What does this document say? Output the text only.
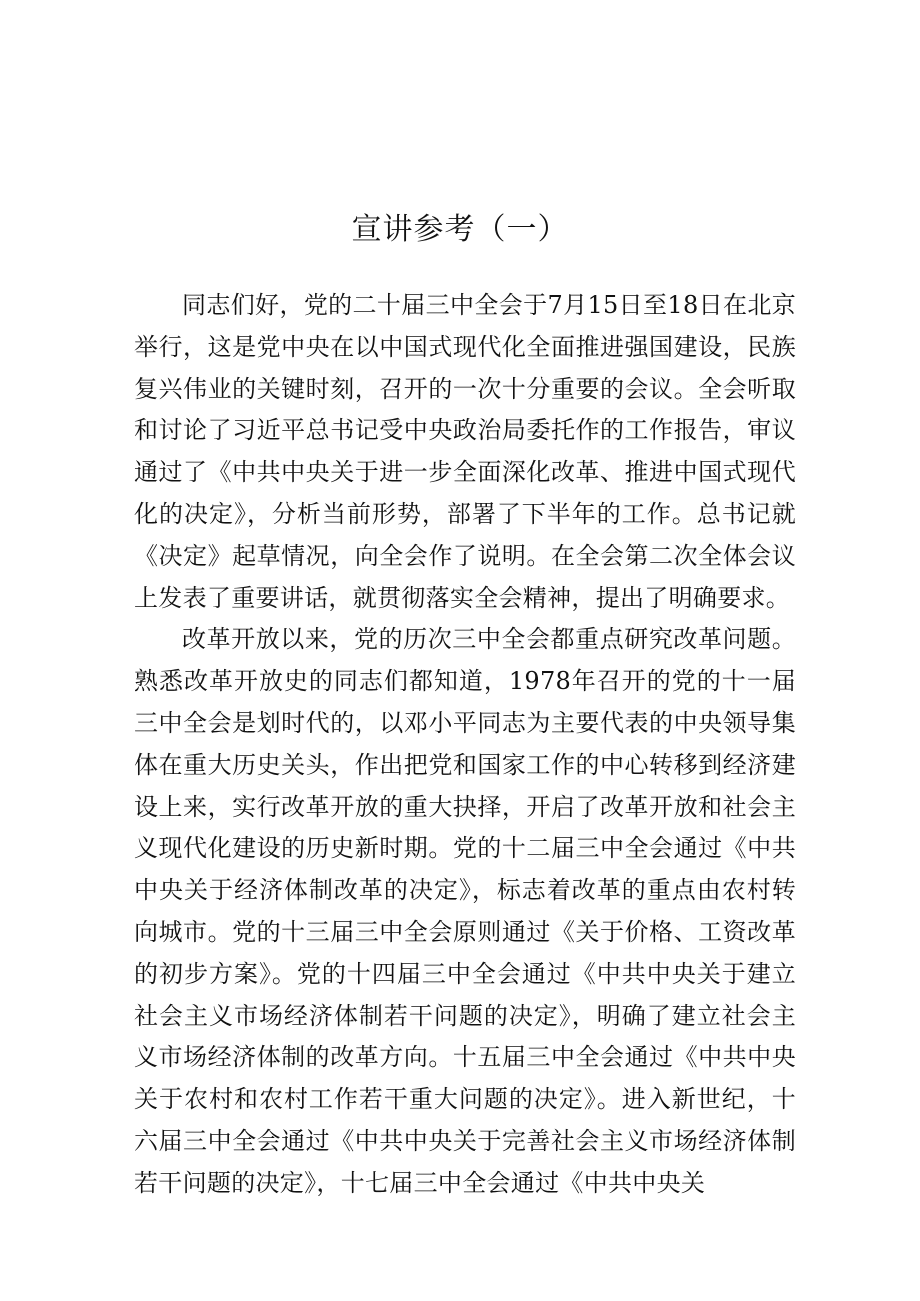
宣讲参考（一）

同志们好，党的二十届三中全会于7月15日至18日在北京举行，这是党中央在以中国式现代化全面推进强国建设，民族复兴伟业的关键时刻，召开的一次十分重要的会议。全会听取和讨论了习近平总书记受中央政治局委托作的工作报告，审议通过了《中共中央关于进一步全面深化改革、推进中国式现代化的决定》，分析当前形势，部署了下半年的工作。总书记就《决定》起草情况，向全会作了说明。在全会第二次全体会议上发表了重要讲话，就贯彻落实全会精神，提出了明确要求。

改革开放以来，党的历次三中全会都重点研究改革问题。熟悉改革开放史的同志们都知道，1978年召开的党的十一届三中全会是划时代的，以邓小平同志为主要代表的中央领导集体在重大历史关头，作出把党和国家工作的中心转移到经济建设上来，实行改革开放的重大抉择，开启了改革开放和社会主义现代化建设的历史新时期。党的十二届三中全会通过《中共中央关于经济体制改革的决定》，标志着改革的重点由农村转向城市。党的十三届三中全会原则通过《关于价格、工资改革的初步方案》。党的十四届三中全会通过《中共中央关于建立社会主义市场经济体制若干问题的决定》，明确了建立社会主义市场经济体制的改革方向。十五届三中全会通过《中共中央关于农村和农村工作若干重大问题的决定》。进入新世纪，十六届三中全会通过《中共中央关于完善社会主义市场经济体制若干问题的决定》，十七届三中全会通过《中共中央关
